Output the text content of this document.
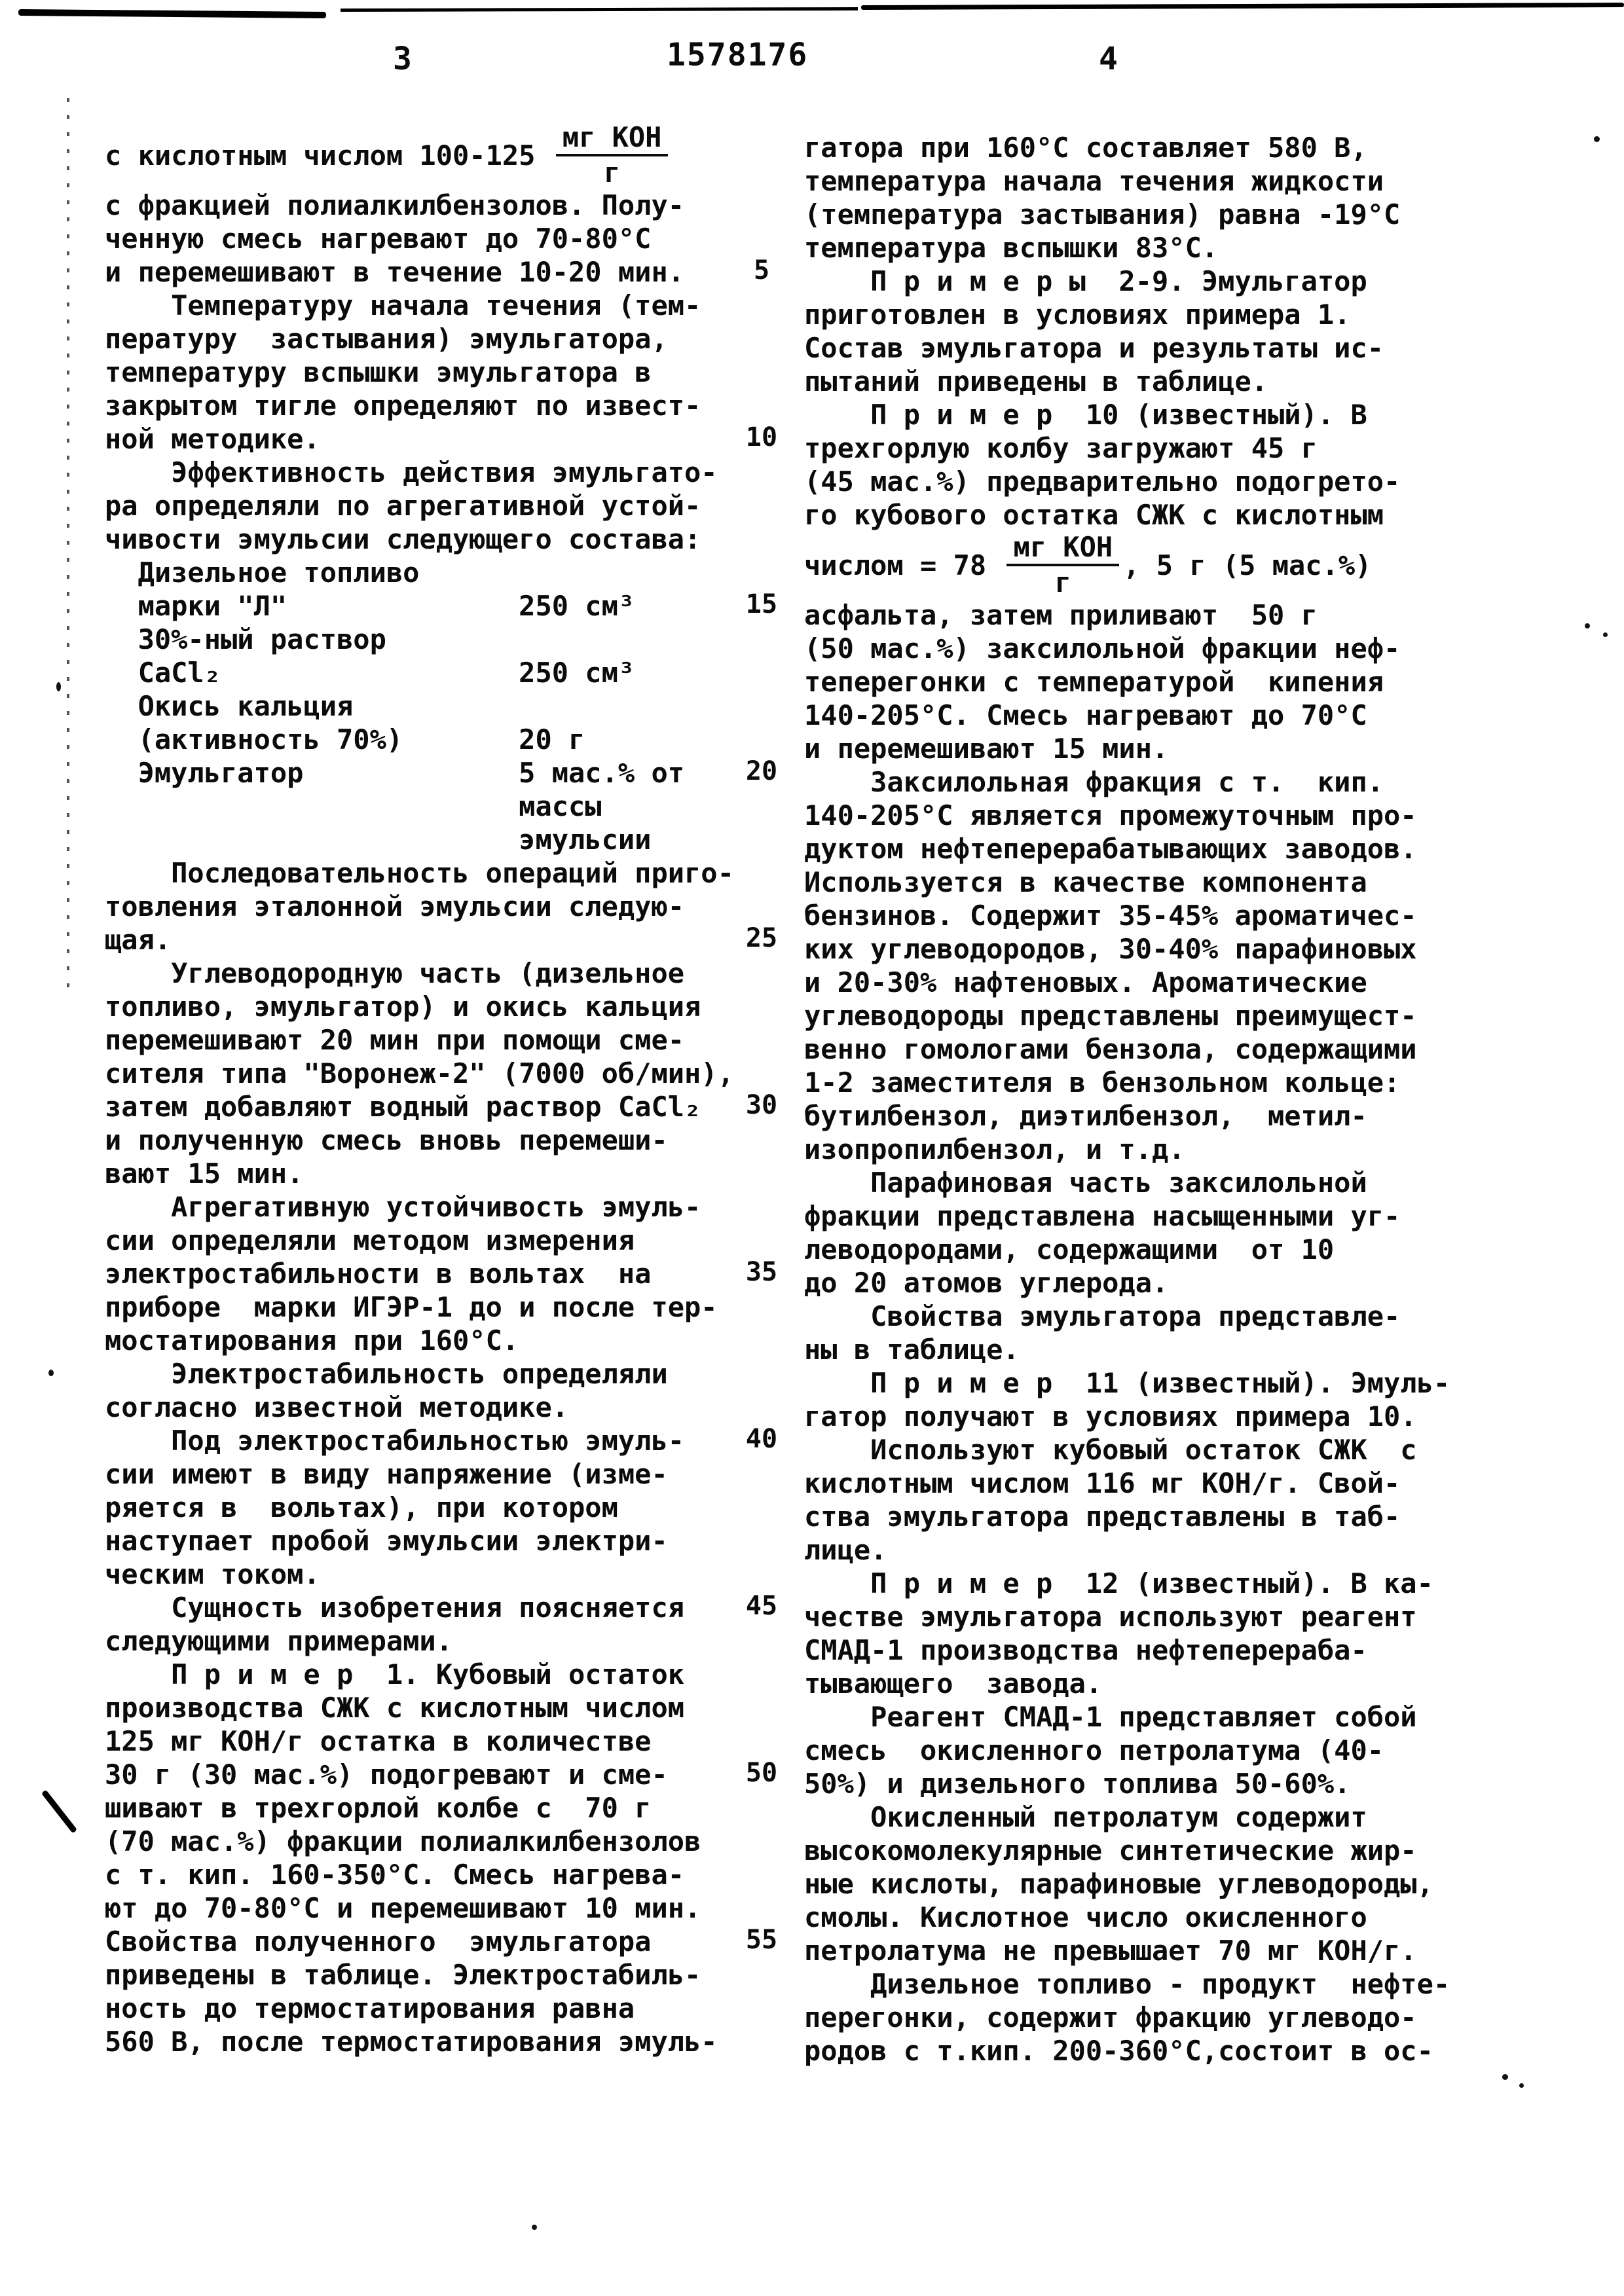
3	1578176	4
с кислотным числом $100-125 \frac{\text{мг КОН}}{г}$
с фракцией полиалкилбензолов. Полу-
ченную смесь нагревают до 70-80°С
и перемешивают в течение 10-20 мин.
Температуру начала течения (тем-
пературу  застывания) эмульгатора,
температуру вспышки эмульгатора в
закрытом тигле определяют по извест-
ной методике.
Эффективность действия эмульгато-
ра определяли по агрегативной устой-
чивости эмульсии следующего состава:
Дизельное топливо
марки "Л"              250 см³
30%-ный раствор
CaCl₂                  250 см³
Окись кальция
(активность 70%)       20 г
Эмульгатор             5 мас.% от
массы
эмульсии
Последовательность операций приго-
товления эталонной эмульсии следую-
щая.
Углеводородную часть (дизельное
топливо, эмульгатор) и окись кальция
перемешивают 20 мин при помощи сме-
сителя типа "Воронеж-2" (7000 об/мин),
затем добавляют водный раствор CaCl₂
и полученную смесь вновь перемеши-
вают 15 мин.
Агрегативную устойчивость эмуль-
сии определяли методом измерения
электростабильности в вольтах  на
приборе  марки ИГЭР-1 до и после тер-
мостатирования при 160°С.
Электростабильность определяли
согласно известной методике.
Под электростабильностью эмуль-
сии имеют в виду напряжение (изме-
ряется в  вольтах), при котором
наступает пробой эмульсии электри-
ческим током.
Сущность изобретения поясняется
следующими примерами.
П р и м е р  1. Кубовый остаток
производства СЖК с кислотным числом
125 мг КОН/г остатка в количестве
30 г (30 мас.%) подогревают и сме-
шивают в трехгорлой колбе с  70 г
(70 мас.%) фракции полиалкилбензолов
с т. кип. 160-350°С. Смесь нагрева-
ют до 70-80°С и перемешивают 10 мин.
Свойства полученного  эмульгатора
приведены в таблице. Электростабиль-
ность до термостатирования равна
560 В, после термостатирования эмуль-
гатора при 160°С составляет 580 В,
температура начала течения жидкости
(температура застывания) равна -19°С
температура вспышки 83°С.
П р и м е р ы  2-9. Эмульгатор
приготовлен в условиях примера 1.
Состав эмульгатора и результаты ис-
пытаний приведены в таблице.
П р и м е р  10 (известный). В
трехгорлую колбу загружают 45 г
(45 мас.%) предварительно подогрето-
го кубового остатка СЖК с кислотным
числом = $78 \frac{\text{мг КОН}}{г}$ , 5 г (5 мас.%)
асфальта, затем приливают  50 г
(50 мас.%) заксилольной фракции неф-
теперегонки с температурой  кипения
140-205°С. Смесь нагревают до 70°С
и перемешивают 15 мин.
Заксилольная фракция с т.  кип.
140-205°С является промежуточным про-
дуктом нефтеперерабатывающих заводов.
Используется в качестве компонента
бензинов. Содержит 35-45% ароматичес-
ких углеводородов, 30-40% парафиновых
и 20-30% нафтеновых. Ароматические
углеводороды представлены преимущест-
венно гомологами бензола, содержащими
1-2 заместителя в бензольном кольце:
бутилбензол, диэтилбензол,  метил-
изопропилбензол, и т.д.
Парафиновая часть заксилольной
фракции представлена насыщенными уг-
леводородами, содержащими  от 10
до 20 атомов углерода.
Свойства эмульгатора представле-
ны в таблице.
П р и м е р  11 (известный). Эмуль-
гатор получают в условиях примера 10.
Используют кубовый остаток СЖК  с
кислотным числом 116 мг КОН/г. Свой-
ства эмульгатора представлены в таб-
лице.
П р и м е р  12 (известный). В ка-
честве эмульгатора используют реагент
СМАД-1 производства нефтеперераба-
тывающего  завода.
Реагент СМАД-1 представляет собой
смесь  окисленного петролатума (40-
50%) и дизельного топлива 50-60%.
Окисленный петролатум содержит
высокомолекулярные синтетические жир-
ные кислоты, парафиновые углеводороды,
смолы. Кислотное число окисленного
петролатума не превышает 70 мг КОН/г.
Дизельное топливо - продукт  нефте-
перегонки, содержит фракцию углеводо-
родов с т.кип. 200-360°С,состоит в ос-
5
10
15
20
25
30
35
40
45
50
55
